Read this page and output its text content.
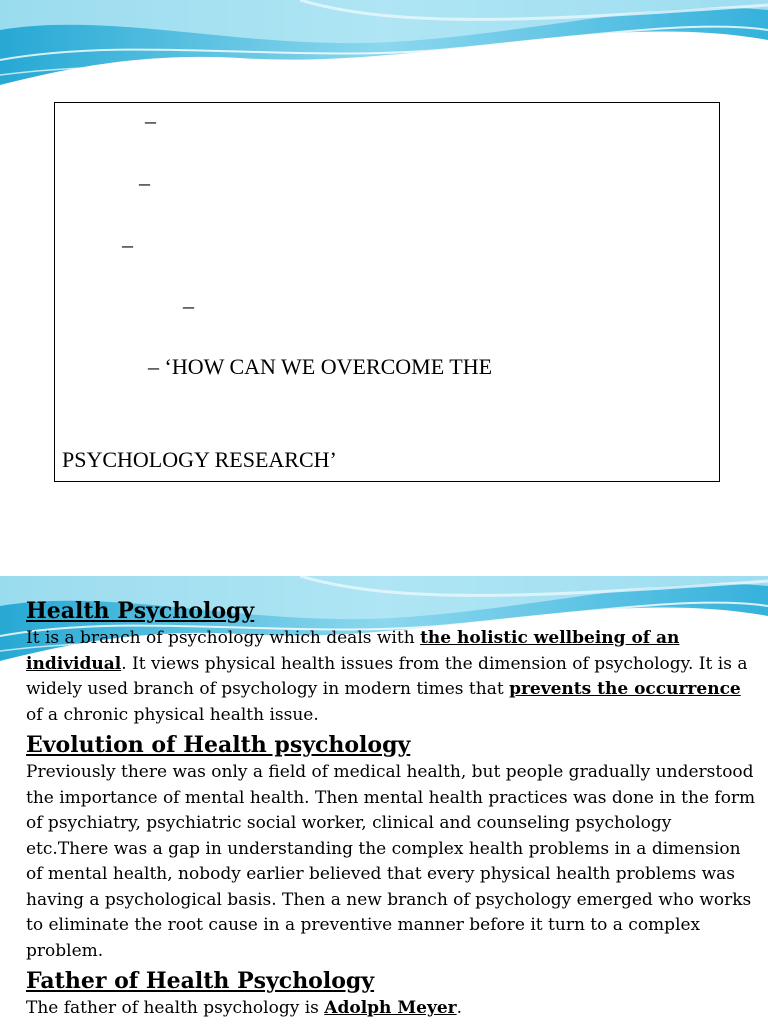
–
–
–
–
– ‘HOW CAN WE OVERCOME THE
PSYCHOLOGY RESEARCH’
Health Psychology

It is a branch of psychology which deals with the holistic wellbeing of an individual. It views physical health issues from the dimension of psychology. It is a widely used branch of psychology in modern times that prevents the occurrence of a chronic physical health issue.

Evolution of Health psychology

Previously there was only a field of medical health, but people gradually understood the importance of mental health. Then mental health practices was done in the form of psychiatry, psychiatric social worker, clinical and counseling psychology etc.There was a gap in understanding the complex health problems in a dimension of mental health, nobody earlier believed that every physical health problems was having a psychological basis. Then a new branch of psychology emerged who works to eliminate the root cause in a preventive manner before it turn to a complex problem.

Father of Health Psychology

The father of health psychology is Adolph Meyer.
